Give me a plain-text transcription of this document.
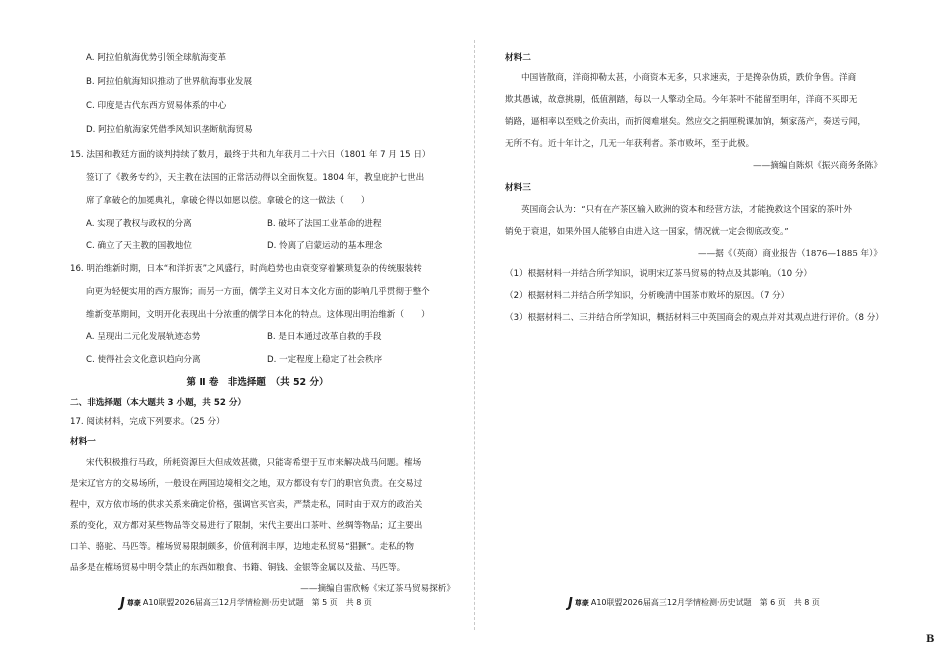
A. 阿拉伯航海优势引领全球航海变革
B. 阿拉伯航海知识推动了世界航海事业发展
C. 印度是古代东西方贸易体系的中心
D. 阿拉伯航海家凭借季风知识垄断航海贸易
15. 法国和教廷方面的谈判持续了数月，最终于共和九年获月二十六日（1801 年 7 月 15 日）
签订了《教务专约》，天主教在法国的正常活动得以全面恢复。1804 年，教皇庇护七世出
席了拿破仑的加冕典礼，拿破仑得以如愿以偿。拿破仑的这一做法（　　）
A. 实现了教权与政权的分离	B. 破坏了法国工业革命的进程
C. 确立了天主教的国教地位	D. 怜离了启蒙运动的基本理念
16. 明治维新时期，日本“和洋折衷”之风盛行，时尚趋势也由衰变穿着繁琐复杂的传统服装转
向更为轻便实用的西方服饰；而另一方面，儒学主义对日本文化方面的影响几乎贯彻于整个
维新变革期间，文明开化表现出十分浓重的儒学日本化的特点。这体现出明治维新（　　）
A. 呈现出二元化发展轨迹态势	B. 是日本通过改革自救的手段
C. 使得社会文化意识趋向分离	D. 一定程度上稳定了社会秩序
第 Ⅱ 卷　非选择题　（共 52 分）
二、非选择题（本大题共 3 小题，共 52 分）
17. 阅读材料，完成下列要求。（25 分）
材料一
宋代积极推行马政，所耗资源巨大但成效甚微，只能寄希望于互市来解决战马问题。榷场
是宋辽官方的交易场所，一般设在两国边境相交之地，双方都设有专门的职官负责。在交易过
程中，双方依市场的供求关系来确定价格，强调官买官卖，严禁走私，同时由于双方的政治关
系的变化，双方都对某些物品等交易进行了限制，宋代主要出口茶叶、丝绸等物品；辽主要出
口羊、骆驼、马匹等。榷场贸易限制颇多，价值利润丰厚，边地走私贸易“猖獗”。走私的物
品多是在榷场贸易中明令禁止的东西如粮食、书籍、铜钱、金银等金属以及盐、马匹等。
——摘编自雷欣畅《宋辽茶马贸易探析》
材料二
中国皆散商，洋商抑勒太甚，小商资本无多，只求速卖，于是搀杂伪质，跌价争售。洋商
欺其愚诚，故意挑剔，低值割踏，每以一人擎动全局。今年茶叶不能留至明年，洋商不买即无
销路，逼相率以至贱之价卖出，而折阅难堪矣。然应交之捐厘税课加饷，频家荡产，奏送亏闻，
无所不有。近十年计之，几无一年获利者。茶市败坏，至于此极。
——摘编自陈炽《振兴商务条陈》
材料三
英国商会认为：“只有在产茶区输入欧洲的资本和经营方法，才能挽救这个国家的茶叶外
销免于衰退，如果外国人能够自由进入这一国家，情况就一定会彻底改变。”
——据《（英商）商业报告（1876—1885 年）》
（1）根据材料一并结合所学知识，说明宋辽茶马贸易的特点及其影响。（10 分）
（2）根据材料二并结合所学知识，分析晚清中国茶市败坏的原因。（7 分）
（3）根据材料二、三并结合所学知识，概括材料三中英国商会的观点并对其观点进行评价。（8 分）
J尊豪 A10联盟2026届高三12月学情检测·历史试题　第 5 页　共 8 页	J尊豪 A10联盟2026届高三12月学情检测·历史试题　第 6 页　共 8 页
B
